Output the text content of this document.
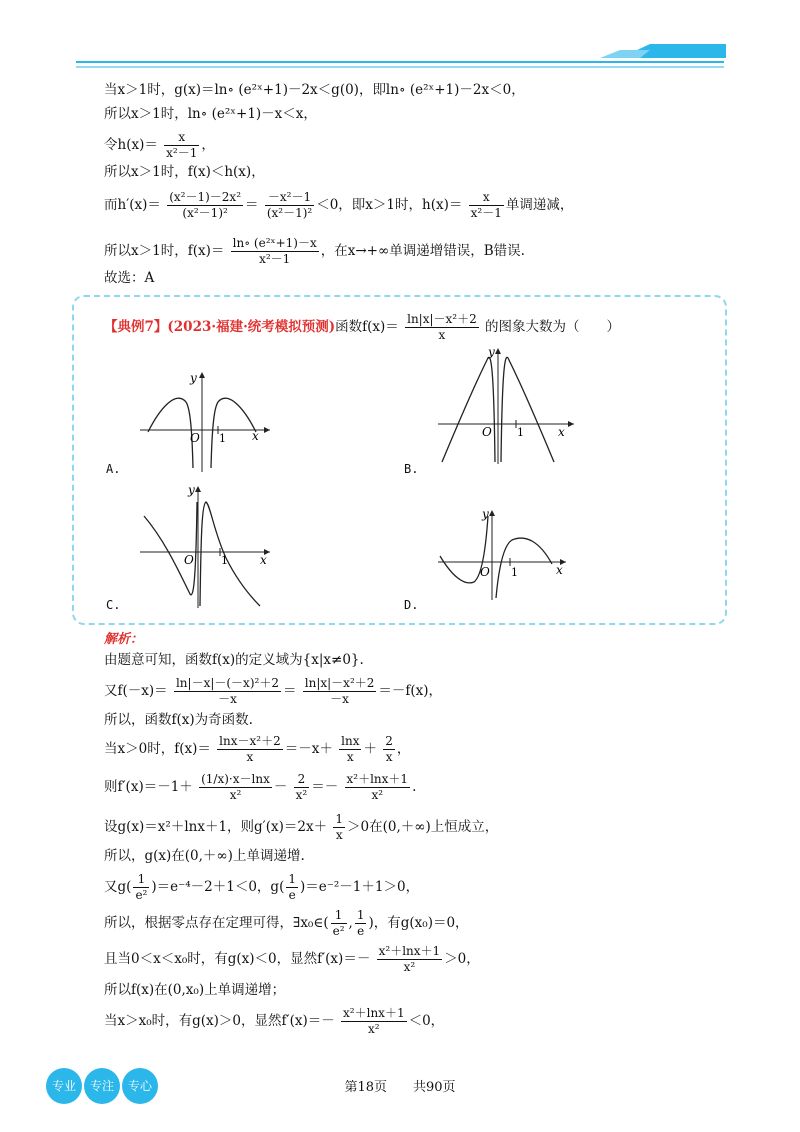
当x＞1时，g(x)＝ln∘ (e²ˣ+1)－2x＜g(0)，即ln∘ (e²ˣ+1)－2x＜0，
所以x＞1时，ln∘ (e²ˣ+1)－x＜x，
令$h(x)= \frac{x}{\text{x²－1}}$ ，
所以x＞1时，f(x)＜h(x)，
而$h'(x)= \frac{\text{(x²－1)－2x²}}{\text{(x²－1)²}} = \frac{\text{－x²－1}}{\text{(x²－1)²}} <0$，即x＞1时，$h(x)= \frac{x}{\text{x²－1}}$ 单调递减，
所以x＞1时，$f(x)= \frac{\text{ln∘ (e²ˣ+1)－x}}{\text{x²－1}}$ ，在x→+∞单调递增错误，B错误.
故选：A
【典例7】(2023·福建·统考模拟预测)函数$f(x)= \frac{\text{ln|x|－x²＋2}}{x}$ 的图象大数为（　　）
x
y
O 1
A.
x
y
O 1
B.
x
y
O 1
C.
x
y
O 1
D.
解析：
由题意可知，函数f(x)的定义域为{x|x≠0}.
又$f(-x)= \frac{\text{ln|－x|－(－x)²＋2}}{-x} = \frac{\text{ln|x|－x²＋2}}{-x} =-f(x)$，
所以，函数f(x)为奇函数.
当x＞0时，$f(x)= \frac{\text{lnx－x²＋2}}{x} =-x+ \frac{\ln x}{x} + \frac{2}{x}$ ，
则$f'(x)=-1+ \frac{(1/x)\cdot x-\ln x}{\text{x²}} - \frac{2}{\text{x²}} =- \frac{\text{x²＋lnx＋1}}{\text{x²}}$ .
设g(x)＝x²＋lnx＋1，则$g'(x)=2x+ \frac{1}{x} >0$在(0,＋∞)上恒成立，
所以，g(x)在(0,＋∞)上单调递增.
又$g( \frac{1}{\text{e²}} )=e^{-4}-2+1<0$，$g( \frac{1}{e} )=e^{-2}-1+1>0$，
所以，根据零点存在定理可得，∃x₀∈( $\frac{1}{\text{e²}}$ , $\frac{1}{e}$ )，有g(x₀)＝0，
且当0＜x＜x₀时，有g(x)＜0，显然$f'(x)=- \frac{\text{x²＋lnx＋1}}{\text{x²}} >0$，
所以f(x)在(0,x₀)上单调递增；
当x＞x₀时，有g(x)＞0，显然$f'(x)=- \frac{\text{x²＋lnx＋1}}{\text{x²}} <0$，
专业	专注	专心	第18页　　共90页
